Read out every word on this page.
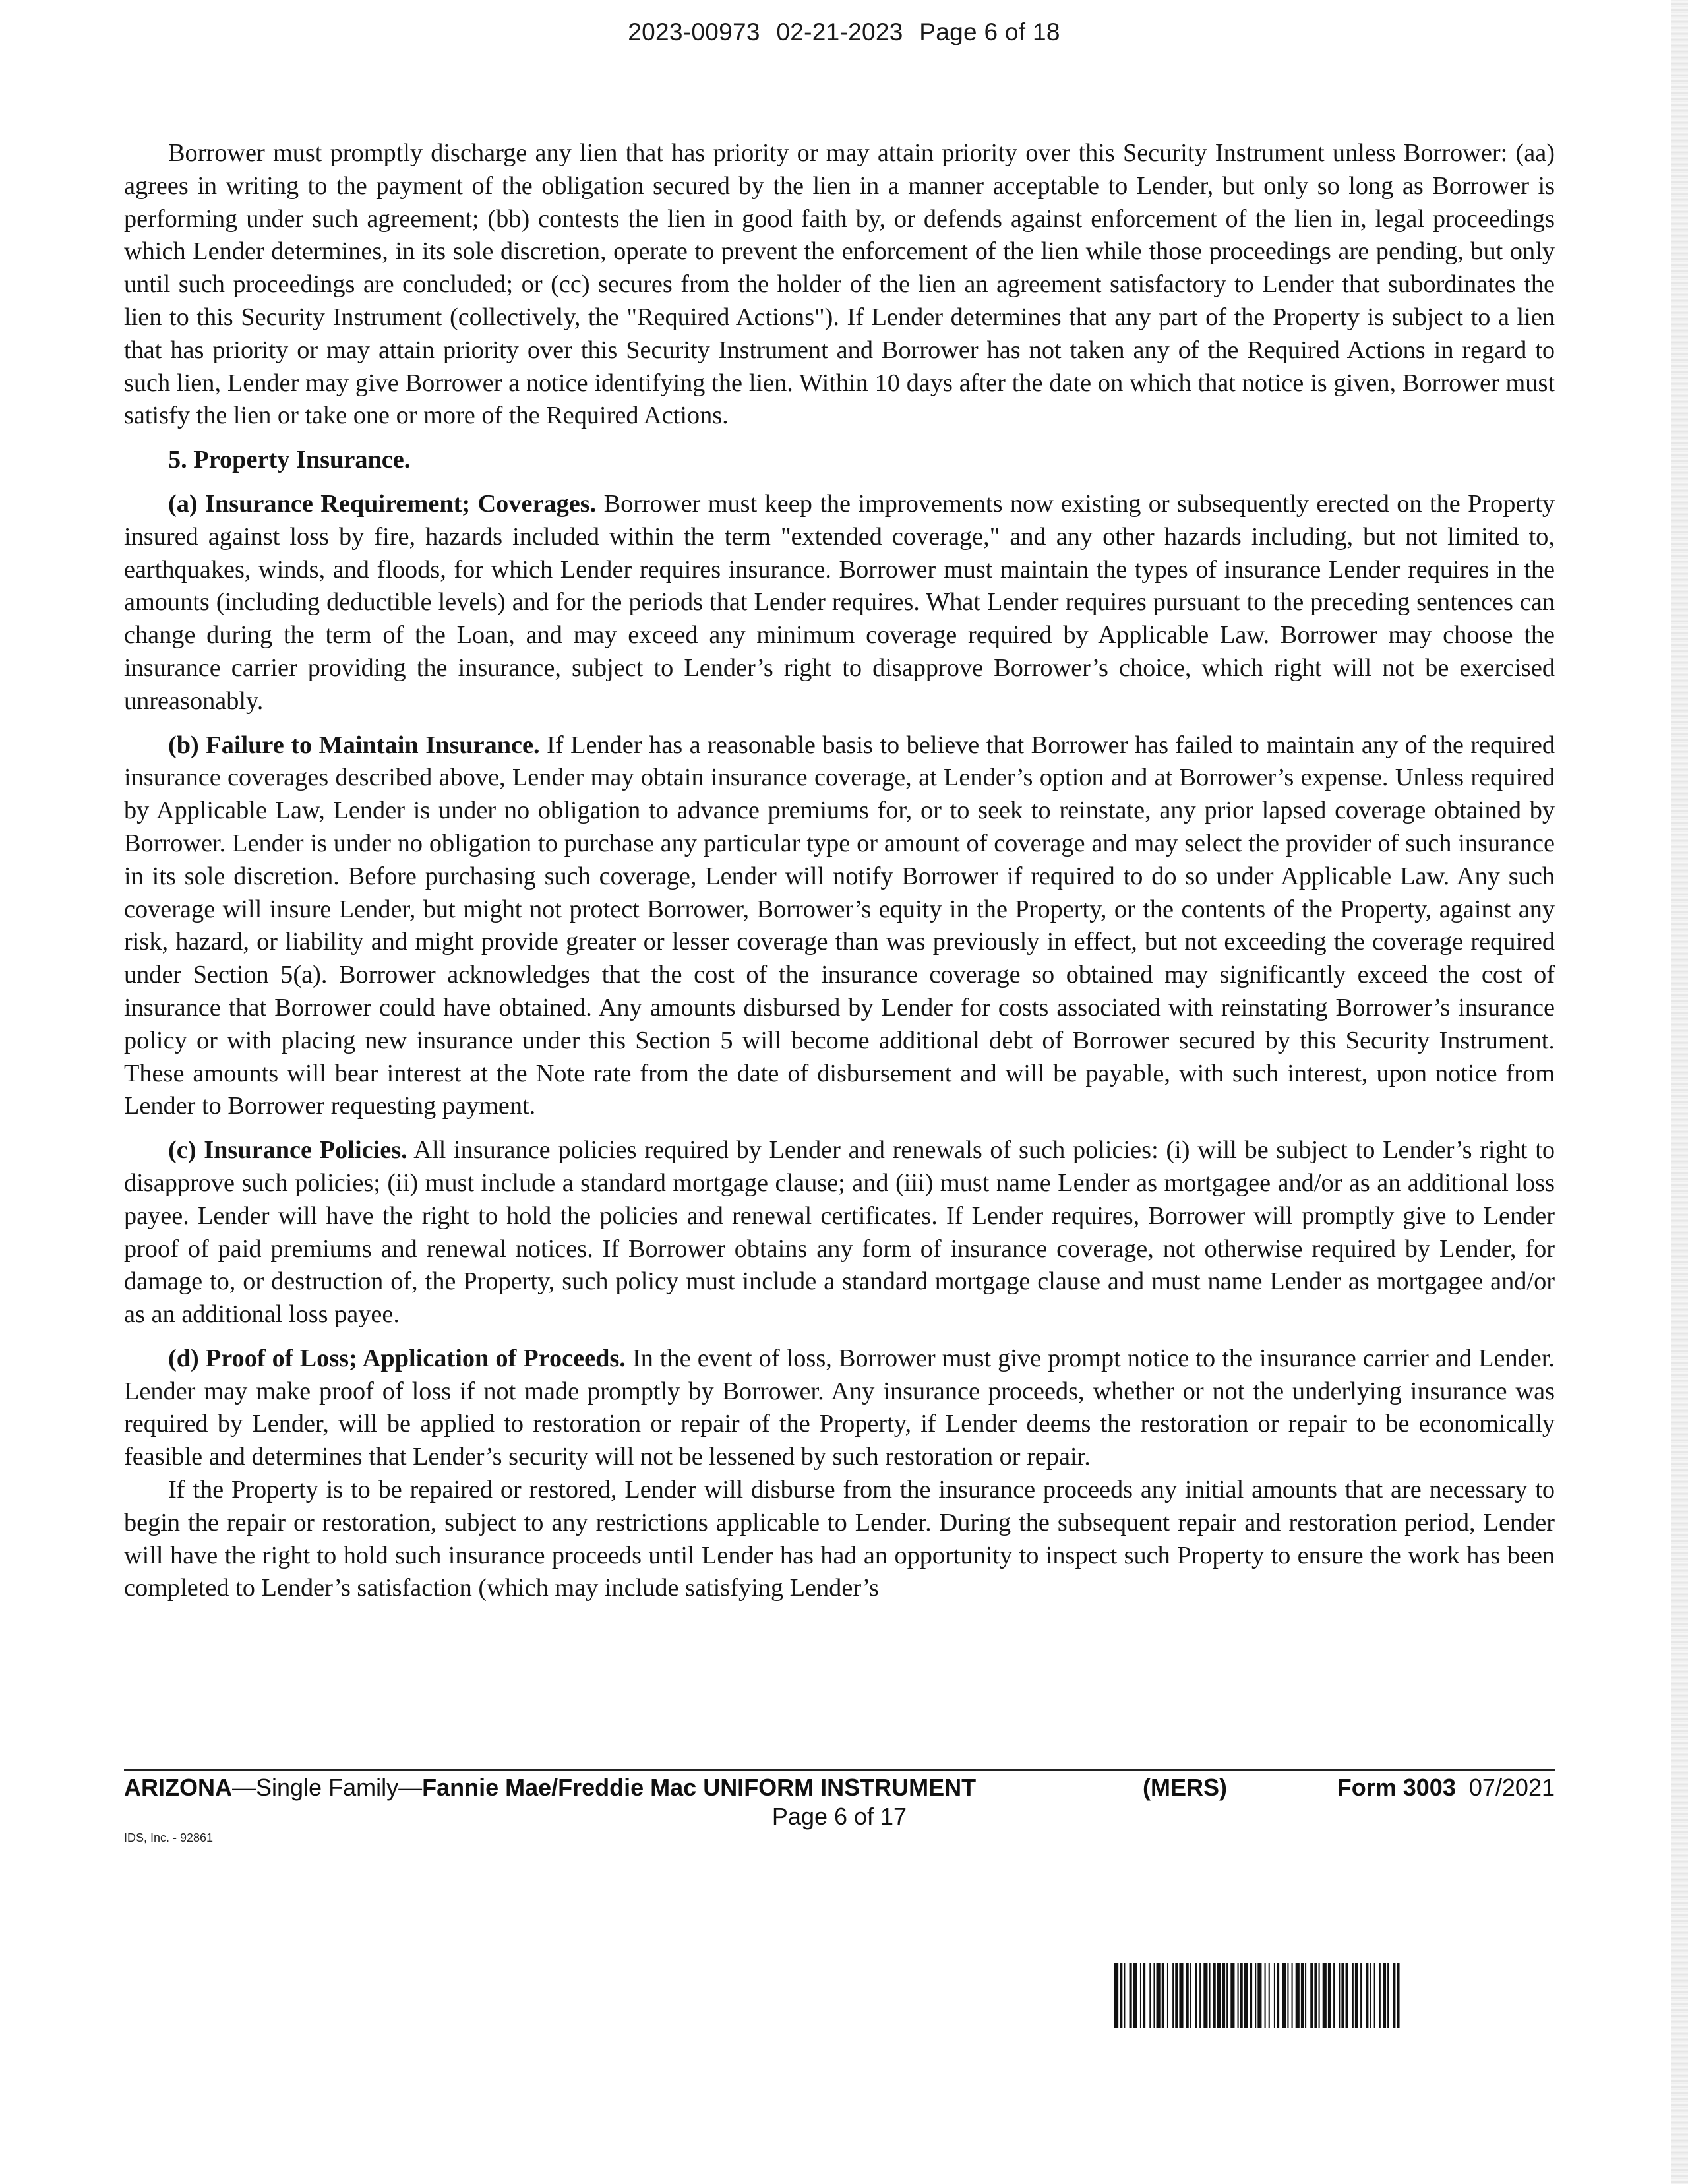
2023-00973 02-21-2023 Page 6 of 18

Borrower must promptly discharge any lien that has priority or may attain priority over this Security Instrument unless Borrower: (aa) agrees in writing to the payment of the obligation secured by the lien in a manner acceptable to Lender, but only so long as Borrower is performing under such agreement; (bb) contests the lien in good faith by, or defends against enforcement of the lien in, legal proceedings which Lender determines, in its sole discretion, operate to prevent the enforcement of the lien while those proceedings are pending, but only until such proceedings are concluded; or (cc) secures from the holder of the lien an agreement satisfactory to Lender that subordinates the lien to this Security Instrument (collectively, the "Required Actions"). If Lender determines that any part of the Property is subject to a lien that has priority or may attain priority over this Security Instrument and Borrower has not taken any of the Required Actions in regard to such lien, Lender may give Borrower a notice identifying the lien. Within 10 days after the date on which that notice is given, Borrower must satisfy the lien or take one or more of the Required Actions.

5. Property Insurance.

(a) Insurance Requirement; Coverages. Borrower must keep the improvements now existing or subsequently erected on the Property insured against loss by fire, hazards included within the term "extended coverage," and any other hazards including, but not limited to, earthquakes, winds, and floods, for which Lender requires insurance. Borrower must maintain the types of insurance Lender requires in the amounts (including deductible levels) and for the periods that Lender requires. What Lender requires pursuant to the preceding sentences can change during the term of the Loan, and may exceed any minimum coverage required by Applicable Law. Borrower may choose the insurance carrier providing the insurance, subject to Lender’s right to disapprove Borrower’s choice, which right will not be exercised unreasonably.

(b) Failure to Maintain Insurance. If Lender has a reasonable basis to believe that Borrower has failed to maintain any of the required insurance coverages described above, Lender may obtain insurance coverage, at Lender’s option and at Borrower’s expense. Unless required by Applicable Law, Lender is under no obligation to advance premiums for, or to seek to reinstate, any prior lapsed coverage obtained by Borrower. Lender is under no obligation to purchase any particular type or amount of coverage and may select the provider of such insurance in its sole discretion. Before purchasing such coverage, Lender will notify Borrower if required to do so under Applicable Law. Any such coverage will insure Lender, but might not protect Borrower, Borrower’s equity in the Property, or the contents of the Property, against any risk, hazard, or liability and might provide greater or lesser coverage than was previously in effect, but not exceeding the coverage required under Section 5(a). Borrower acknowledges that the cost of the insurance coverage so obtained may significantly exceed the cost of insurance that Borrower could have obtained. Any amounts disbursed by Lender for costs associated with reinstating Borrower’s insurance policy or with placing new insurance under this Section 5 will become additional debt of Borrower secured by this Security Instrument. These amounts will bear interest at the Note rate from the date of disbursement and will be payable, with such interest, upon notice from Lender to Borrower requesting payment.

(c) Insurance Policies. All insurance policies required by Lender and renewals of such policies: (i) will be subject to Lender’s right to disapprove such policies; (ii) must include a standard mortgage clause; and (iii) must name Lender as mortgagee and/or as an additional loss payee. Lender will have the right to hold the policies and renewal certificates. If Lender requires, Borrower will promptly give to Lender proof of paid premiums and renewal notices. If Borrower obtains any form of insurance coverage, not otherwise required by Lender, for damage to, or destruction of, the Property, such policy must include a standard mortgage clause and must name Lender as mortgagee and/or as an additional loss payee.

(d) Proof of Loss; Application of Proceeds. In the event of loss, Borrower must give prompt notice to the insurance carrier and Lender. Lender may make proof of loss if not made promptly by Borrower. Any insurance proceeds, whether or not the underlying insurance was required by Lender, will be applied to restoration or repair of the Property, if Lender deems the restoration or repair to be economically feasible and determines that Lender’s security will not be lessened by such restoration or repair.

If the Property is to be repaired or restored, Lender will disburse from the insurance proceeds any initial amounts that are necessary to begin the repair or restoration, subject to any restrictions applicable to Lender. During the subsequent repair and restoration period, Lender will have the right to hold such insurance proceeds until Lender has had an opportunity to inspect such Property to ensure the work has been completed to Lender’s satisfaction (which may include satisfying Lender’s

ARIZONA—Single Family—Fannie Mae/Freddie Mac UNIFORM INSTRUMENT	(MERS)	Form 3003 07/2021
Page 6 of 17
IDS, Inc. - 92861
